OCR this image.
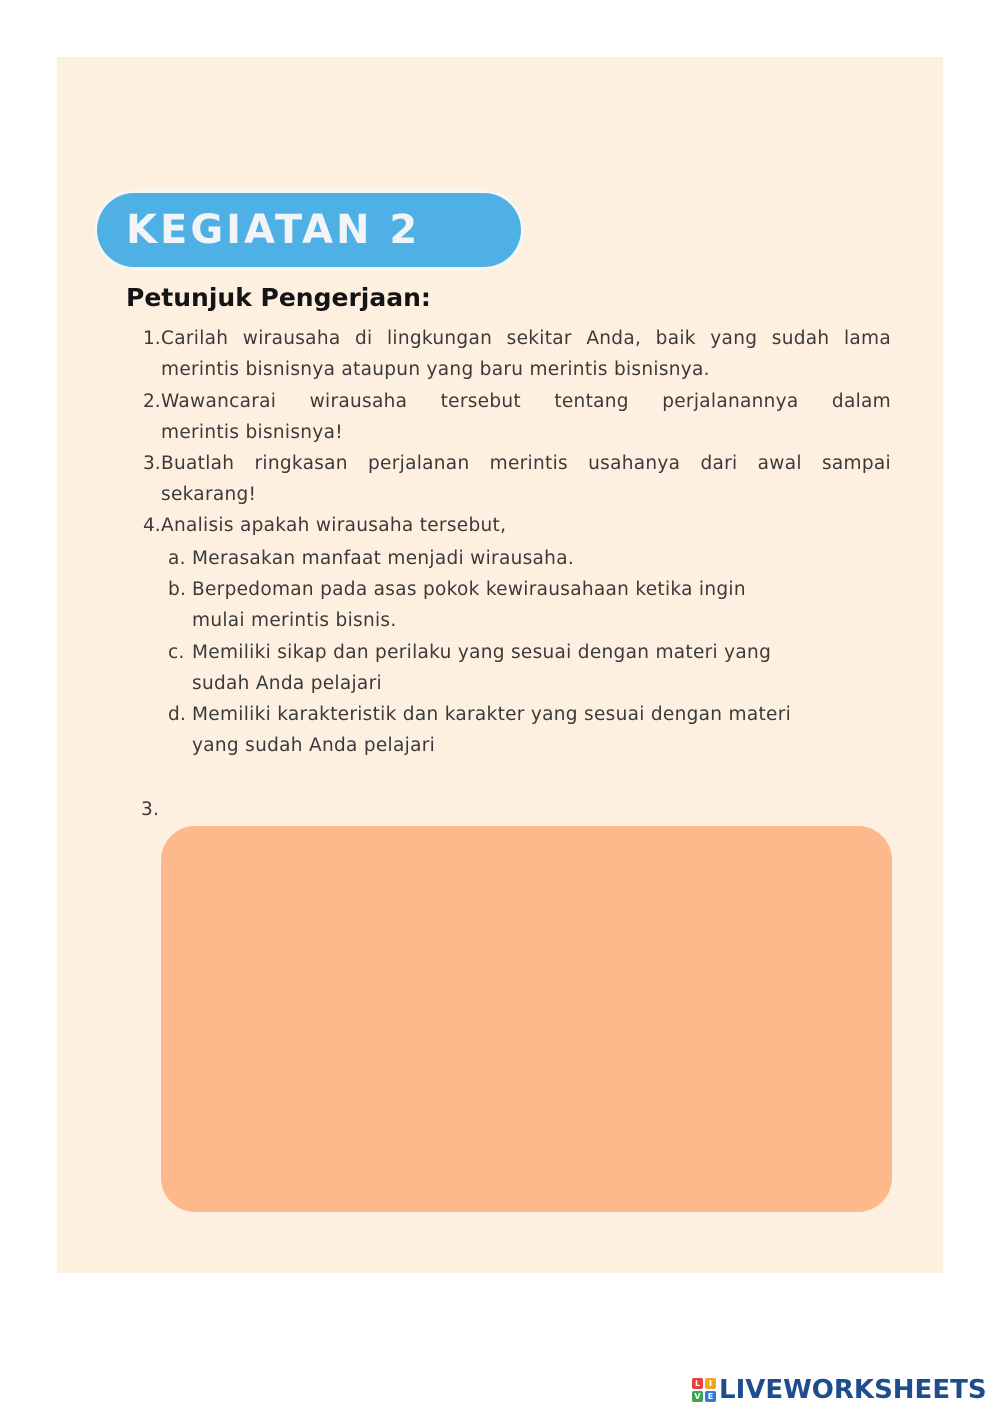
KEGIATAN 2
Petunjuk Pengerjaan:
1. Carilah wirausaha di lingkungan sekitar Anda, baik yang sudah lama
merintis bisnisnya ataupun yang baru merintis bisnisnya.
2. Wawancarai wirausaha tersebut tentang perjalanannya dalam
merintis bisnisnya!
3. Buatlah ringkasan perjalanan merintis usahanya dari awal sampai
sekarang!
4. Analisis apakah wirausaha tersebut,
a. Merasakan manfaat menjadi wirausaha.
b. Berpedoman pada asas pokok kewirausahaan ketika ingin
mulai merintis bisnis.
c. Memiliki sikap dan perilaku yang sesuai dengan materi yang
sudah Anda pelajari
d. Memiliki karakteristik dan karakter yang sesuai dengan materi
yang sudah Anda pelajari
3.
L	I
V E LIVEWORKSHEETS
